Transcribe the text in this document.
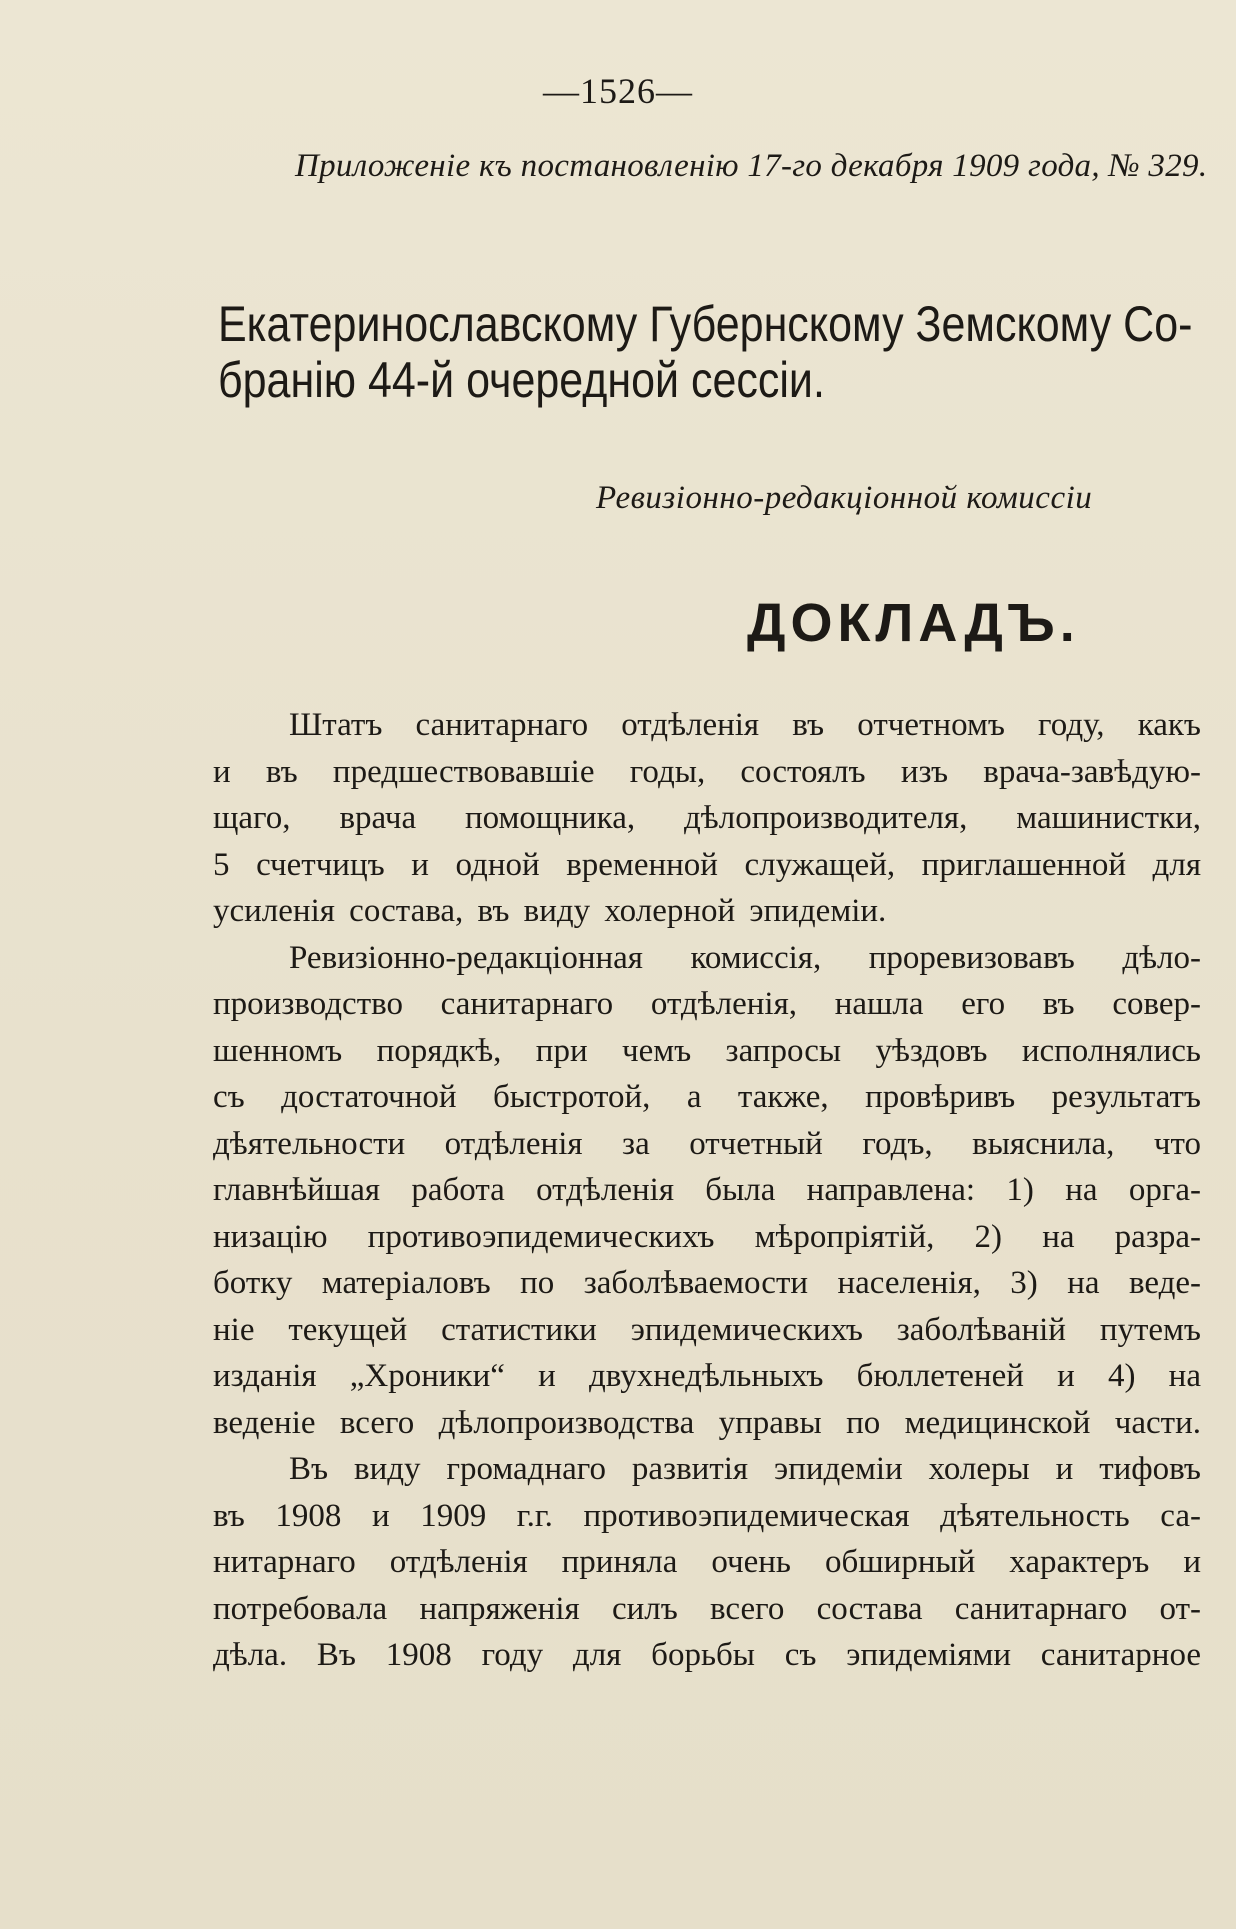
—1526—
Приложеніе къ постановленію 17-го декабря 1909 года, № 329.
Екатеринославскому Губернскому Земскому Со-
бранію 44-й очередной сессіи.
Ревизіонно-редакціонной комиссіи
ДОКЛАДЪ.

Штатъ санитарнаго отдѣленія въ отчетномъ году, какъ
и въ предшествовавшіе годы, состоялъ изъ врача-завѣдую-
щаго, врача помощника, дѣлопроизводителя, машинистки,
5 счетчицъ и одной временной служащей, приглашенной для
усиленія состава, въ виду холерной эпидеміи.

Ревизіонно-редакціонная комиссія, проревизовавъ дѣло-
производство санитарнаго отдѣленія, нашла его въ совер-
шенномъ порядкѣ, при чемъ запросы уѣздовъ исполнялись
съ достаточной быстротой, а также, провѣривъ результатъ
дѣятельности отдѣленія за отчетный годъ, выяснила, что
главнѣйшая работа отдѣленія была направлена: 1) на орга-
низацію противоэпидемическихъ мѣропріятій, 2) на разра-
ботку матеріаловъ по заболѣваемости населенія, 3) на веде-
ніе текущей статистики эпидемическихъ заболѣваній путемъ
изданія „Хроники“ и двухнедѣльныхъ бюллетеней и 4) на
веденіе всего дѣлопроизводства управы по медицинской части.

Въ виду громаднаго развитія эпидеміи холеры и тифовъ
въ 1908 и 1909 г.г. противоэпидемическая дѣятельность са-
нитарнаго отдѣленія приняла очень обширный характеръ и
потребовала напряженія силъ всего состава санитарнаго от-
дѣла. Въ 1908 году для борьбы съ эпидеміями санитарное
